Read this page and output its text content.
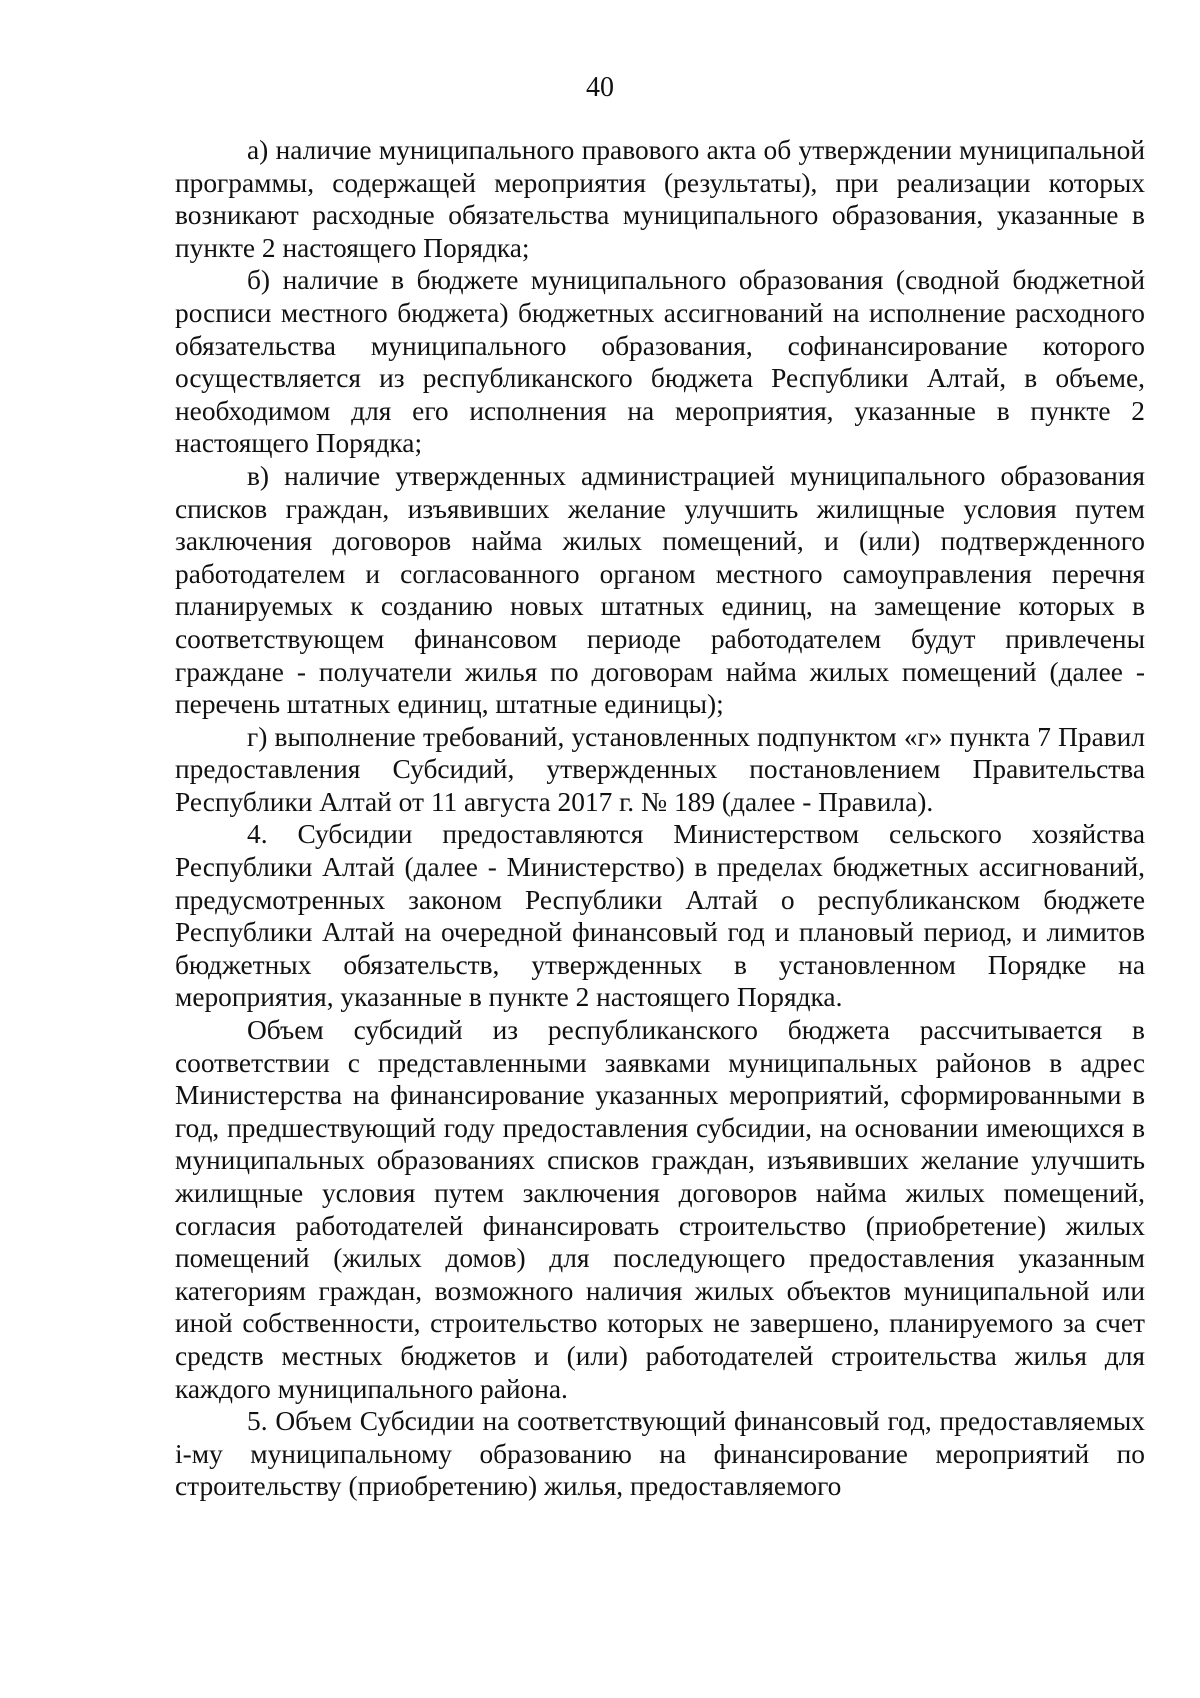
40

а) наличие муниципального правового акта об утверждении муниципальной программы, содержащей мероприятия (результаты), при реализации которых возникают расходные обязательства муниципального образования, указанные в пункте 2 настоящего Порядка;

б) наличие в бюджете муниципального образования (сводной бюджетной росписи местного бюджета) бюджетных ассигнований на исполнение расходного обязательства муниципального образования, софинансирование которого осуществляется из республиканского бюджета Республики Алтай, в объеме, необходимом для его исполнения на мероприятия, указанные в пункте 2 настоящего Порядка;

в) наличие утвержденных администрацией муниципального образования списков граждан, изъявивших желание улучшить жилищные условия путем заключения договоров найма жилых помещений, и (или) подтвержденного работодателем и согласованного органом местного самоуправления перечня планируемых к созданию новых штатных единиц, на замещение которых в соответствующем финансовом периоде работодателем будут привлечены граждане - получатели жилья по договорам найма жилых помещений (далее - перечень штатных единиц, штатные единицы);

г) выполнение требований, установленных подпунктом «г» пункта 7 Правил предоставления Субсидий, утвержденных постановлением Правительства Республики Алтай от 11 августа 2017 г. № 189 (далее - Правила).

4. Субсидии предоставляются Министерством сельского хозяйства Республики Алтай (далее - Министерство) в пределах бюджетных ассигнований, предусмотренных законом Республики Алтай о республиканском бюджете Республики Алтай на очередной финансовый год и плановый период, и лимитов бюджетных обязательств, утвержденных в установленном Порядке на мероприятия, указанные в пункте 2 настоящего Порядка.

Объем субсидий из республиканского бюджета рассчитывается в соответствии с представленными заявками муниципальных районов в адрес Министерства на финансирование указанных мероприятий, сформированными в год, предшествующий году предоставления субсидии, на основании имеющихся в муниципальных образованиях списков граждан, изъявивших желание улучшить жилищные условия путем заключения договоров найма жилых помещений, согласия работодателей финансировать строительство (приобретение) жилых помещений (жилых домов) для последующего предоставления указанным категориям граждан, возможного наличия жилых объектов муниципальной или иной собственности, строительство которых не завершено, планируемого за счет средств местных бюджетов и (или) работодателей строительства жилья для каждого муниципального района.

5. Объем Субсидии на соответствующий финансовый год, предоставляемых i-му муниципальному образованию на финансирование мероприятий по строительству (приобретению) жилья, предоставляемого
